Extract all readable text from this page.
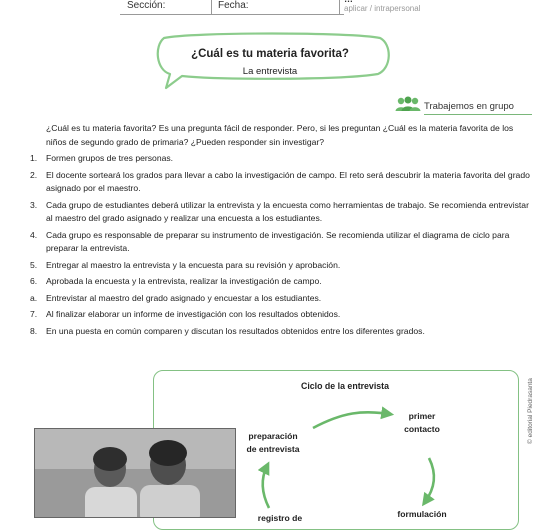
Sección:	Fecha:	aplicar / intrapersonal
¿Cuál es tu materia favorita?
La entrevista
Trabajemos en grupo
¿Cuál es tu materia favorita? Es una pregunta fácil de responder. Pero, si les preguntan ¿Cuál es la materia favorita de los niños de segundo grado de primaria? ¿Pueden responder sin investigar?
1.	Formen grupos de tres personas.
2.	El docente sorteará los grados para llevar a cabo la investigación de campo. El reto será descubrir la materia favorita del grado asignado por el maestro.
3.	Cada grupo de estudiantes deberá utilizar la entrevista y la encuesta como herramientas de trabajo. Se recomienda entrevistar al maestro del grado asignado y realizar una encuesta a los estudiantes.
4.	Cada grupo es responsable de preparar su instrumento de investigación. Se recomienda utilizar el diagrama de ciclo para preparar la entrevista.
5.	Entregar al maestro la entrevista y la encuesta para su revisión y aprobación.
6.	Aprobada la encuesta y la entrevista, realizar la investigación de campo.
a.	Entrevistar al maestro del grado asignado y encuestar a los estudiantes.
7.	Al finalizar elaborar un informe de investigación con los resultados obtenidos.
8.	En una puesta en común comparen y discutan los resultados obtenidos entre los diferentes grados.
Ciclo de la entrevista
preparación
de entrevista
primer
contacto
formulación
registro de
© editorial Piedrasanta
